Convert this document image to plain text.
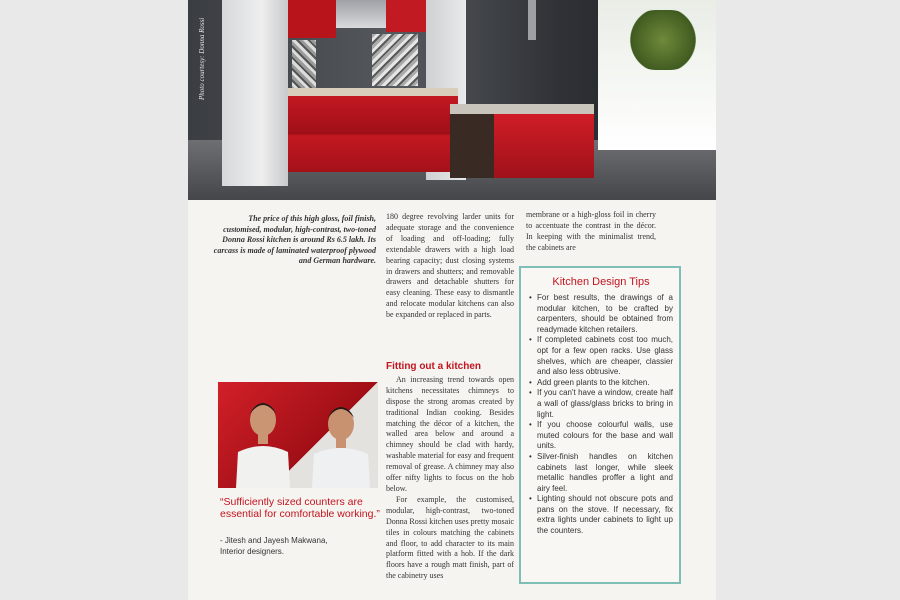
Photo courtesy: Donna Rossi
The price of this high gloss, foil finish, customised, modular, high-contrast, two-toned Donna Rossi kitchen is around Rs 6.5 lakh. Its carcass is made of laminated waterproof plywood and German hardware.

180 degree revolving larder units for adequate storage and the convenience of loading and off-loading; fully extendable drawers with a high load bearing capacity; dust closing systems in drawers and shutters; and removable drawers and detachable shutters for easy cleaning. These easy to dismantle and relocate modular kitchens can also be expanded or replaced in parts.

Fitting out a kitchen

An increasing trend towards open kitchens necessitates chimneys to dispose the strong aromas created by traditional Indian cooking. Besides matching the décor of a kitchen, the walled area below and around a chimney should be clad with hardy, washable material for easy and frequent removal of grease. A chimney may also offer nifty lights to focus on the hob below.

For example, the customised, modular, high-contrast, two-toned Donna Rossi kitchen uses pretty mosaic tiles in colours matching the cabinets and floor, to add character to its main platform fitted with a hob. If the dark floors have a rough matt finish, part of the cabinetry uses

membrane or a high-gloss foil in cherry to accentuate the contrast in the décor. In keeping with the minimalist trend, the cabinets are

“Sufficiently sized counters are essential for comfortable working.”
- Jitesh and Jayesh Makwana,
Interior designers.
Kitchen Design Tips
• For best results, the drawings of a modular kitchen, to be crafted by carpenters, should be obtained from readymade kitchen retailers.
• If completed cabinets cost too much, opt for a few open racks. Use glass shelves, which are cheaper, classier and also less obtrusive.
• Add green plants to the kitchen.
• If you can't have a window, create half a wall of glass/glass bricks to bring in light.
• If you choose colourful walls, use muted colours for the base and wall units.
• Silver-finish handles on kitchen cabinets last longer, while sleek metallic handles proffer a light and airy feel.
• Lighting should not obscure pots and pans on the stove. If necessary, fix extra lights under cabinets to light up the counters.
